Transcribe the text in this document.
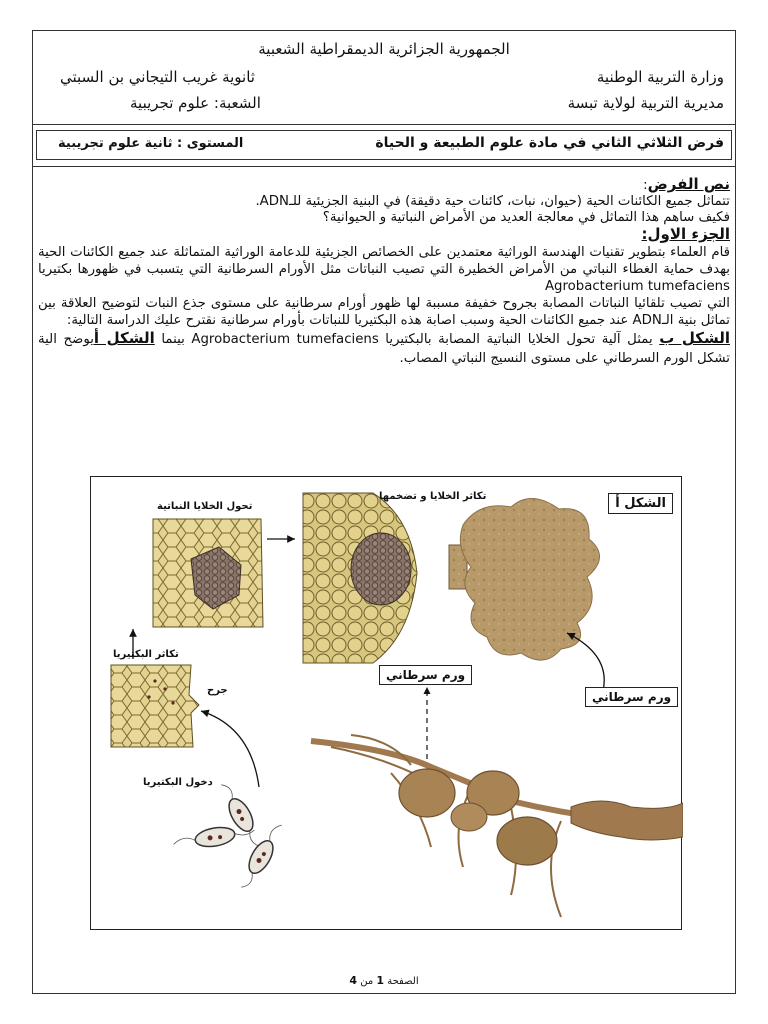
الجمهورية الجزائرية الديمقراطية الشعبية
وزارة التربية الوطنية
ثانوية غريب التيجاني بن السبتي
مديرية التربية لولاية تبسة
الشعبة: علوم تجريبية
فرض الثلاثي الثاني في مادة علوم الطبيعة و الحياة
المستوى : ثانية علوم تجريبية
نص الفرض:
تتماثل جميع الكائنات الحية (حيوان، نبات، كائنات حية دقيقة) في البنية الجزيئية للـADN.
فكيف ساهم هذا التماثل في معالجة العديد من الأمراض النباتية و الحيوانية؟
الجزء الاول:
قام العلماء بتطوير تقنيات الهندسة الوراثية معتمدين على الخصائص الجزيئية للدعامة الوراثية المتماثلة عند جميع الكائنات الحية بهدف حماية الغطاء النباتي من الأمراض الخطيرة التي تصيب النباتات مثل الأورام السرطانية التي يتسبب في ظهورها بكتيريا Agrobacterium tumefaciens
التي تصيب تلقائيا النباتات المصابة بجروح خفيفة مسببة لها ظهور أورام سرطانية على مستوى جذع النبات لتوضيح العلاقة بين تماثل بنية الـADN عند جميع الكائنات الحية وسبب اصابة هذه البكتيريا للنباتات بأورام سرطانية نقترح عليك الدراسة التالية:
الشكل ب يمثل آلية تحول الخلايا النباتية المصابة بالبكتيريا Agrobacterium tumefaciens بينما الشكل أيوضح الية تشكل الورم السرطاني على مستوى النسيج النباتي المصاب.
الشكل أ
تحول الخلايا النباتية
تكاثر الخلايا و تضخمها
تكاثر البكتيريا
جرح
دخول البكتيريا
ورم سرطاني
ورم سرطاني
الصفحة 1 من 4
